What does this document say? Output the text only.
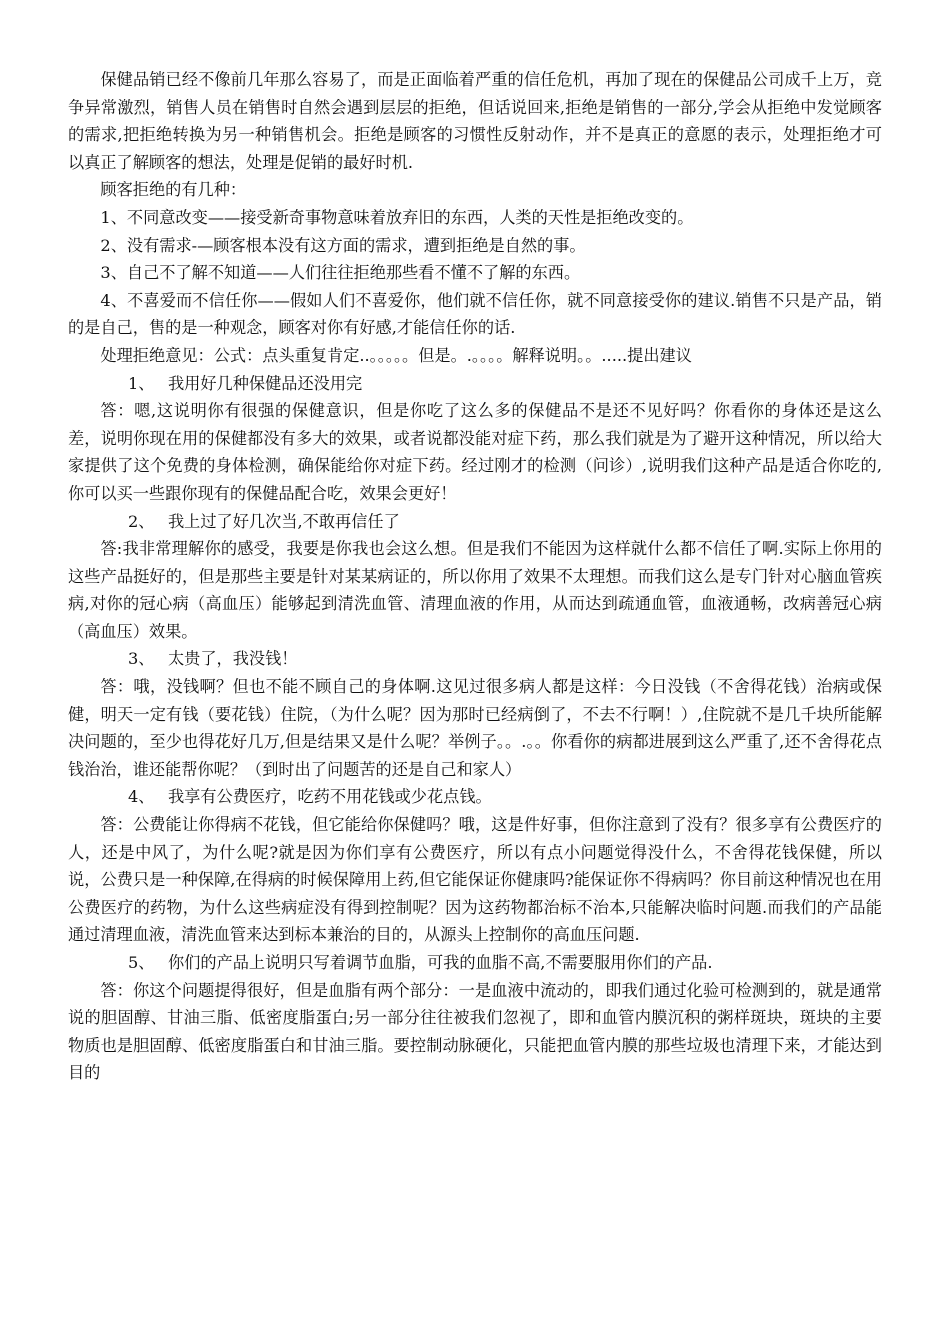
保健品销已经不像前几年那么容易了，而是正面临着严重的信任危机，再加了现在的保健品公司成千上万，竞争异常激烈，销售人员在销售时自然会遇到层层的拒绝，但话说回来,拒绝是销售的一部分,学会从拒绝中发觉顾客的需求,把拒绝转换为另一种销售机会。拒绝是顾客的习惯性反射动作，并不是真正的意愿的表示，处理拒绝才可以真正了解顾客的想法，处理是促销的最好时机.

顾客拒绝的有几种：

1、不同意改变——接受新奇事物意味着放弃旧的东西，人类的天性是拒绝改变的。

2、没有需求-—顾客根本没有这方面的需求，遭到拒绝是自然的事。

3、自己不了解不知道——人们往往拒绝那些看不懂不了解的东西。

4、不喜爱而不信任你——假如人们不喜爱你，他们就不信任你，就不同意接受你的建议.销售不只是产品，销的是自己，售的是一种观念，顾客对你有好感,才能信任你的话.

处理拒绝意见：公式：点头重复肯定..。。。。。但是。.。。。。解释说明。。.....提出建议

1、 我用好几种保健品还没用完

答：嗯,这说明你有很强的保健意识，但是你吃了这么多的保健品不是还不见好吗？你看你的身体还是这么差，说明你现在用的保健都没有多大的效果，或者说都没能对症下药，那么我们就是为了避开这种情况，所以给大家提供了这个免费的身体检测，确保能给你对症下药。经过刚才的检测（问诊）,说明我们这种产品是适合你吃的,你可以买一些跟你现有的保健品配合吃，效果会更好！

2、 我上过了好几次当,不敢再信任了

答:我非常理解你的感受，我要是你我也会这么想。但是我们不能因为这样就什么都不信任了啊.实际上你用的这些产品挺好的，但是那些主要是针对某某病证的，所以你用了效果不太理想。而我们这么是专门针对心脑血管疾病,对你的冠心病（高血压）能够起到清洗血管、清理血液的作用，从而达到疏通血管，血液通畅，改病善冠心病（高血压）效果。

3、 太贵了，我没钱！

答：哦，没钱啊？但也不能不顾自己的身体啊.这见过很多病人都是这样：今日没钱（不舍得花钱）治病或保健，明天一定有钱（要花钱）住院，（为什么呢？因为那时已经病倒了，不去不行啊！）,住院就不是几千块所能解决问题的，至少也得花好几万,但是结果又是什么呢？举例子。。.。。你看你的病都进展到这么严重了,还不舍得花点钱治治，谁还能帮你呢？（到时出了问题苦的还是自己和家人）

4、 我享有公费医疗，吃药不用花钱或少花点钱。

答：公费能让你得病不花钱，但它能给你保健吗？哦，这是件好事，但你注意到了没有？很多享有公费医疗的人，还是中风了，为什么呢?就是因为你们享有公费医疗，所以有点小问题觉得没什么，不舍得花钱保健，所以说，公费只是一种保障,在得病的时候保障用上药,但它能保证你健康吗?能保证你不得病吗？你目前这种情况也在用公费医疗的药物，为什么这些病症没有得到控制呢？因为这药物都治标不治本,只能解决临时问题.而我们的产品能通过清理血液，清洗血管来达到标本兼治的目的，从源头上控制你的高血压问题.

5、 你们的产品上说明只写着调节血脂，可我的血脂不高,不需要服用你们的产品.

答：你这个问题提得很好，但是血脂有两个部分：一是血液中流动的，即我们通过化验可检测到的，就是通常说的胆固醇、甘油三脂、低密度脂蛋白;另一部分往往被我们忽视了，即和血管内膜沉积的粥样斑块，斑块的主要物质也是胆固醇、低密度脂蛋白和甘油三脂。要控制动脉硬化，只能把血管内膜的那些垃圾也清理下来，才能达到目的
